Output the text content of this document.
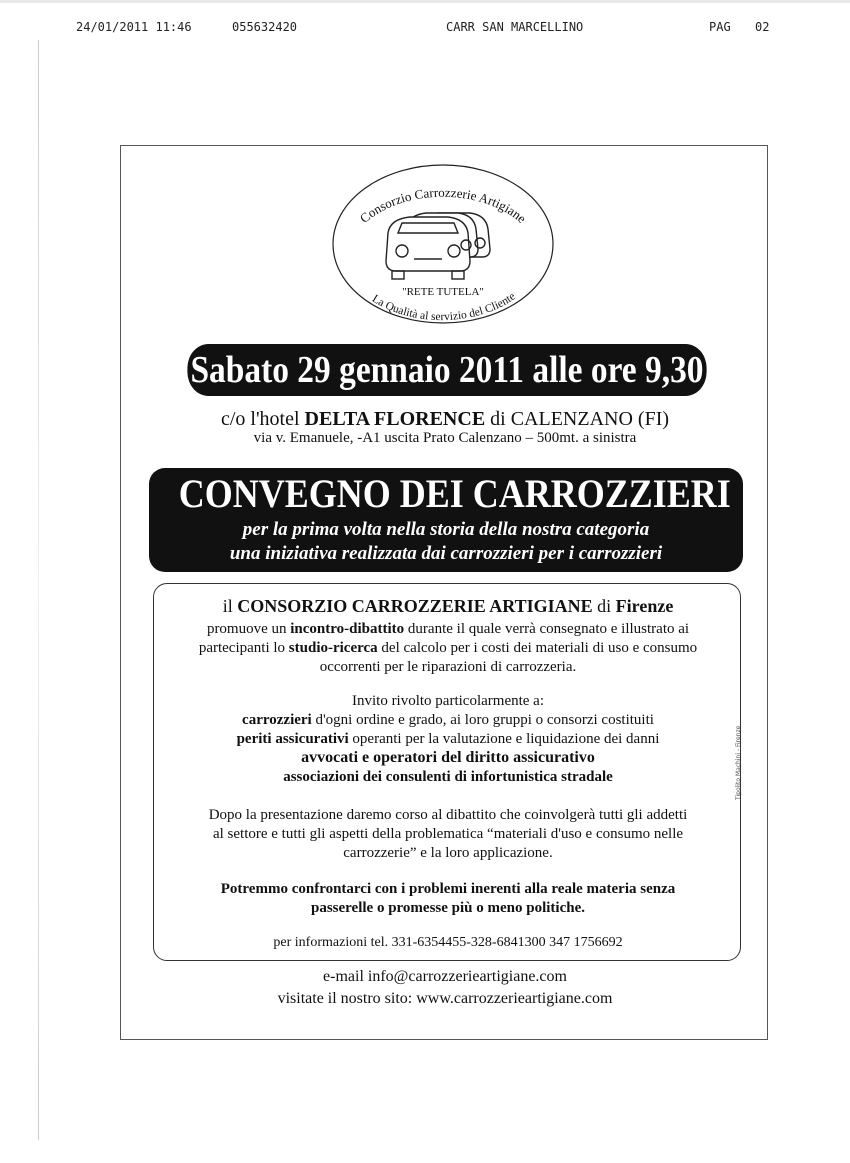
24/01/2011 11:46	055632420	CARR SAN MARCELLINO	PAG 02
Tipolito Machini - Firenze
Consorzio Carrozzerie Artigiane
"RETE TUTELA"
La Qualità al servizio del Cliente
Sabato 29 gennaio 2011 alle ore 9,30
c/o l'hotel DELTA FLORENCE di CALENZANO (FI)
via v. Emanuele, -A1 uscita Prato Calenzano – 500mt. a sinistra
CONVEGNO DEI CARROZZIERI
per la prima volta nella storia della nostra categoria
una iniziativa realizzata dai carrozzieri per i carrozzieri

il CONSORZIO CARROZZERIE ARTIGIANE di Firenze

promuove un incontro-dibattito durante il quale verrà consegnato e illustrato ai

partecipanti lo studio-ricerca del calcolo per i costi dei materiali di uso e consumo

occorrenti per le riparazioni di carrozzeria.

Invito rivolto particolarmente a:

carrozzieri d'ogni ordine e grado, ai loro gruppi o consorzi costituiti

periti assicurativi operanti per la valutazione e liquidazione dei danni

avvocati e operatori del diritto assicurativo

associazioni dei consulenti di infortunistica stradale

Dopo la presentazione daremo corso al dibattito che coinvolgerà tutti gli addetti

al settore e tutti gli aspetti della problematica “materiali d'uso e consumo nelle

carrozzerie” e la loro applicazione.

Potremmo confrontarci con i problemi inerenti alla reale materia senza

passerelle o promesse più o meno politiche.

per informazioni tel. 331-6354455-328-6841300 347 1756692

e-mail info@carrozzerieartigiane.com
visitate il nostro sito: www.carrozzerieartigiane.com
